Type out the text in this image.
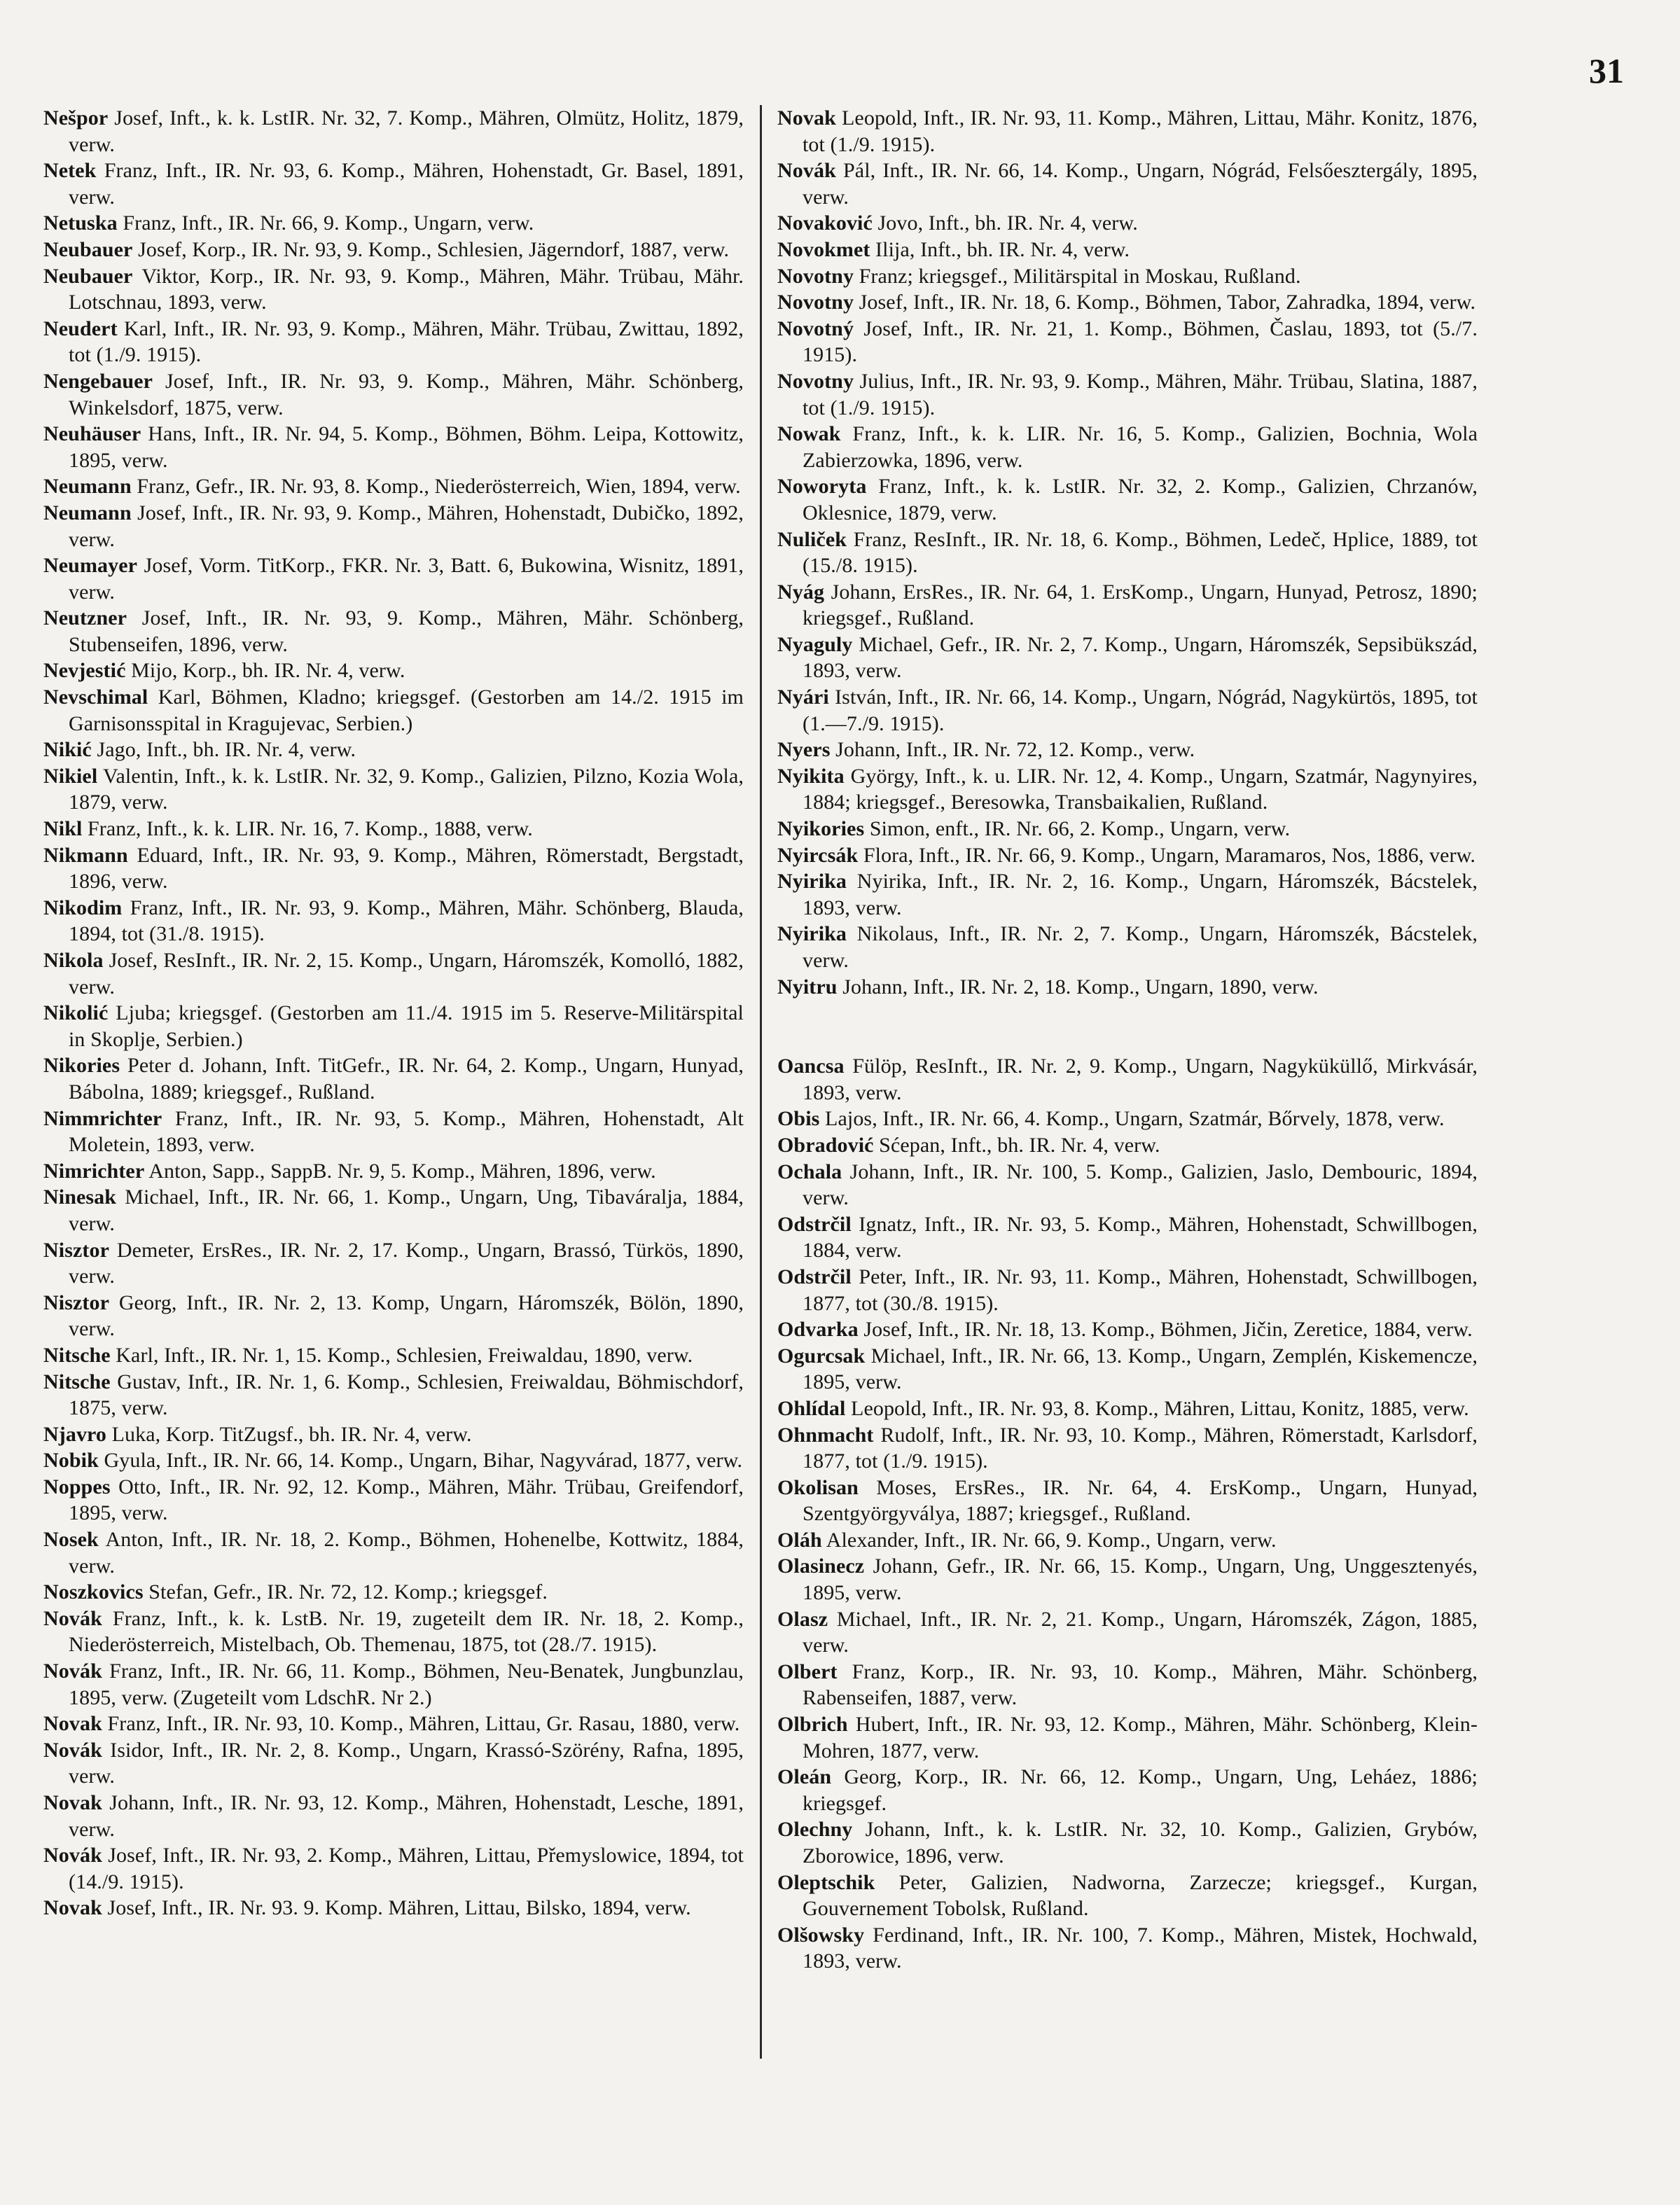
31

Nešpor Josef, Inft., k. k. LstIR. Nr. 32, 7. Komp., Mähren, Olmütz, Holitz, 1879, verw.

Netek Franz, Inft., IR. Nr. 93, 6. Komp., Mähren, Hohenstadt, Gr. Basel, 1891, verw.

Netuska Franz, Inft., IR. Nr. 66, 9. Komp., Ungarn, verw.

Neubauer Josef, Korp., IR. Nr. 93, 9. Komp., Schlesien, Jägerndorf, 1887, verw.

Neubauer Viktor, Korp., IR. Nr. 93, 9. Komp., Mähren, Mähr. Trübau, Mähr. Lotschnau, 1893, verw.

Neudert Karl, Inft., IR. Nr. 93, 9. Komp., Mähren, Mähr. Trübau, Zwittau, 1892, tot (1./9. 1915).

Nengebauer Josef, Inft., IR. Nr. 93, 9. Komp., Mähren, Mähr. Schönberg, Winkelsdorf, 1875, verw.

Neuhäuser Hans, Inft., IR. Nr. 94, 5. Komp., Böhmen, Böhm. Leipa, Kottowitz, 1895, verw.

Neumann Franz, Gefr., IR. Nr. 93, 8. Komp., Niederösterreich, Wien, 1894, verw.

Neumann Josef, Inft., IR. Nr. 93, 9. Komp., Mähren, Hohenstadt, Dubičko, 1892, verw.

Neumayer Josef, Vorm. TitKorp., FKR. Nr. 3, Batt. 6, Bukowina, Wisnitz, 1891, verw.

Neutzner Josef, Inft., IR. Nr. 93, 9. Komp., Mähren, Mähr. Schönberg, Stubenseifen, 1896, verw.

Nevjestić Mijo, Korp., bh. IR. Nr. 4, verw.

Nevschimal Karl, Böhmen, Kladno; kriegsgef. (Gestorben am 14./2. 1915 im Garnisonsspital in Kragujevac, Serbien.)

Nikić Jago, Inft., bh. IR. Nr. 4, verw.

Nikiel Valentin, Inft., k. k. LstIR. Nr. 32, 9. Komp., Galizien, Pilzno, Kozia Wola, 1879, verw.

Nikl Franz, Inft., k. k. LIR. Nr. 16, 7. Komp., 1888, verw.

Nikmann Eduard, Inft., IR. Nr. 93, 9. Komp., Mähren, Römerstadt, Bergstadt, 1896, verw.

Nikodim Franz, Inft., IR. Nr. 93, 9. Komp., Mähren, Mähr. Schönberg, Blauda, 1894, tot (31./8. 1915).

Nikola Josef, ResInft., IR. Nr. 2, 15. Komp., Ungarn, Háromszék, Komolló, 1882, verw.

Nikolić Ljuba; kriegsgef. (Gestorben am 11./4. 1915 im 5. Reserve-Militärspital in Skoplje, Serbien.)

Nikories Peter d. Johann, Inft. TitGefr., IR. Nr. 64, 2. Komp., Ungarn, Hunyad, Bábolna, 1889; kriegsgef., Rußland.

Nimmrichter Franz, Inft., IR. Nr. 93, 5. Komp., Mähren, Hohenstadt, Alt Moletein, 1893, verw.

Nimrichter Anton, Sapp., SappB. Nr. 9, 5. Komp., Mähren, 1896, verw.

Ninesak Michael, Inft., IR. Nr. 66, 1. Komp., Ungarn, Ung, Tibaváralja, 1884, verw.

Nisztor Demeter, ErsRes., IR. Nr. 2, 17. Komp., Ungarn, Brassó, Türkös, 1890, verw.

Nisztor Georg, Inft., IR. Nr. 2, 13. Komp, Ungarn, Háromszék, Bölön, 1890, verw.

Nitsche Karl, Inft., IR. Nr. 1, 15. Komp., Schlesien, Freiwaldau, 1890, verw.

Nitsche Gustav, Inft., IR. Nr. 1, 6. Komp., Schlesien, Freiwaldau, Böhmischdorf, 1875, verw.

Njavro Luka, Korp. TitZugsf., bh. IR. Nr. 4, verw.

Nobik Gyula, Inft., IR. Nr. 66, 14. Komp., Ungarn, Bihar, Nagyvárad, 1877, verw.

Noppes Otto, Inft., IR. Nr. 92, 12. Komp., Mähren, Mähr. Trübau, Greifendorf, 1895, verw.

Nosek Anton, Inft., IR. Nr. 18, 2. Komp., Böhmen, Hohenelbe, Kottwitz, 1884, verw.

Noszkovics Stefan, Gefr., IR. Nr. 72, 12. Komp.; kriegsgef.

Novák Franz, Inft., k. k. LstB. Nr. 19, zugeteilt dem IR. Nr. 18, 2. Komp., Niederösterreich, Mistelbach, Ob. Themenau, 1875, tot (28./7. 1915).

Novák Franz, Inft., IR. Nr. 66, 11. Komp., Böhmen, Neu-Benatek, Jungbunzlau, 1895, verw. (Zugeteilt vom LdschR. Nr 2.)

Novak Franz, Inft., IR. Nr. 93, 10. Komp., Mähren, Littau, Gr. Rasau, 1880, verw.

Novák Isidor, Inft., IR. Nr. 2, 8. Komp., Ungarn, Krassó-Szörény, Rafna, 1895, verw.

Novak Johann, Inft., IR. Nr. 93, 12. Komp., Mähren, Hohenstadt, Lesche, 1891, verw.

Novák Josef, Inft., IR. Nr. 93, 2. Komp., Mähren, Littau, Přemyslowice, 1894, tot (14./9. 1915).

Novak Josef, Inft., IR. Nr. 93. 9. Komp. Mähren, Littau, Bilsko, 1894, verw.

Novak Leopold, Inft., IR. Nr. 93, 11. Komp., Mähren, Littau, Mähr. Konitz, 1876, tot (1./9. 1915).

Novák Pál, Inft., IR. Nr. 66, 14. Komp., Ungarn, Nógrád, Felsőesztergály, 1895, verw.

Novaković Jovo, Inft., bh. IR. Nr. 4, verw.

Novokmet Ilija, Inft., bh. IR. Nr. 4, verw.

Novotny Franz; kriegsgef., Militärspital in Moskau, Rußland.

Novotny Josef, Inft., IR. Nr. 18, 6. Komp., Böhmen, Tabor, Zahradka, 1894, verw.

Novotný Josef, Inft., IR. Nr. 21, 1. Komp., Böhmen, Časlau, 1893, tot (5./7. 1915).

Novotny Julius, Inft., IR. Nr. 93, 9. Komp., Mähren, Mähr. Trübau, Slatina, 1887, tot (1./9. 1915).

Nowak Franz, Inft., k. k. LIR. Nr. 16, 5. Komp., Galizien, Bochnia, Wola Zabierzowka, 1896, verw.

Noworyta Franz, Inft., k. k. LstIR. Nr. 32, 2. Komp., Galizien, Chrzanów, Oklesnice, 1879, verw.

Nuliček Franz, ResInft., IR. Nr. 18, 6. Komp., Böhmen, Ledeč, Hplice, 1889, tot (15./8. 1915).

Nyág Johann, ErsRes., IR. Nr. 64, 1. ErsKomp., Ungarn, Hunyad, Petrosz, 1890; kriegsgef., Rußland.

Nyaguly Michael, Gefr., IR. Nr. 2, 7. Komp., Ungarn, Háromszék, Sepsibükszád, 1893, verw.

Nyári István, Inft., IR. Nr. 66, 14. Komp., Ungarn, Nógrád, Nagykürtös, 1895, tot (1.—7./9. 1915).

Nyers Johann, Inft., IR. Nr. 72, 12. Komp., verw.

Nyikita György, Inft., k. u. LIR. Nr. 12, 4. Komp., Ungarn, Szatmár, Nagynyires, 1884; kriegsgef., Beresowka, Transbaikalien, Rußland.

Nyikories Simon, enft., IR. Nr. 66, 2. Komp., Ungarn, verw.

Nyircsák Flora, Inft., IR. Nr. 66, 9. Komp., Ungarn, Maramaros, Nos, 1886, verw.

Nyirika Nyirika, Inft., IR. Nr. 2, 16. Komp., Ungarn, Háromszék, Bácstelek, 1893, verw.

Nyirika Nikolaus, Inft., IR. Nr. 2, 7. Komp., Ungarn, Háromszék, Bácstelek, verw.

Nyitru Johann, Inft., IR. Nr. 2, 18. Komp., Ungarn, 1890, verw.

Oancsa Fülöp, ResInft., IR. Nr. 2, 9. Komp., Ungarn, Nagyküküllő, Mirkvásár, 1893, verw.

Obis Lajos, Inft., IR. Nr. 66, 4. Komp., Ungarn, Szatmár, Bőrvely, 1878, verw.

Obradović Sćepan, Inft., bh. IR. Nr. 4, verw.

Ochala Johann, Inft., IR. Nr. 100, 5. Komp., Galizien, Jaslo, Dembouric, 1894, verw.

Odstrčil Ignatz, Inft., IR. Nr. 93, 5. Komp., Mähren, Hohenstadt, Schwillbogen, 1884, verw.

Odstrčil Peter, Inft., IR. Nr. 93, 11. Komp., Mähren, Hohenstadt, Schwillbogen, 1877, tot (30./8. 1915).

Odvarka Josef, Inft., IR. Nr. 18, 13. Komp., Böhmen, Jičin, Zeretice, 1884, verw.

Ogurcsak Michael, Inft., IR. Nr. 66, 13. Komp., Ungarn, Zemplén, Kiskemencze, 1895, verw.

Ohlídal Leopold, Inft., IR. Nr. 93, 8. Komp., Mähren, Littau, Konitz, 1885, verw.

Ohnmacht Rudolf, Inft., IR. Nr. 93, 10. Komp., Mähren, Römerstadt, Karlsdorf, 1877, tot (1./9. 1915).

Okolisan Moses, ErsRes., IR. Nr. 64, 4. ErsKomp., Ungarn, Hunyad, Szentgyörgyválya, 1887; kriegsgef., Rußland.

Oláh Alexander, Inft., IR. Nr. 66, 9. Komp., Ungarn, verw.

Olasinecz Johann, Gefr., IR. Nr. 66, 15. Komp., Ungarn, Ung, Unggesztenyés, 1895, verw.

Olasz Michael, Inft., IR. Nr. 2, 21. Komp., Ungarn, Háromszék, Zágon, 1885, verw.

Olbert Franz, Korp., IR. Nr. 93, 10. Komp., Mähren, Mähr. Schönberg, Rabenseifen, 1887, verw.

Olbrich Hubert, Inft., IR. Nr. 93, 12. Komp., Mähren, Mähr. Schönberg, Klein-Mohren, 1877, verw.

Oleán Georg, Korp., IR. Nr. 66, 12. Komp., Ungarn, Ung, Leháez, 1886; kriegsgef.

Olechny Johann, Inft., k. k. LstIR. Nr. 32, 10. Komp., Galizien, Grybów, Zborowice, 1896, verw.

Oleptschik Peter, Galizien, Nadworna, Zarzecze; kriegsgef., Kurgan, Gouvernement Tobolsk, Rußland.

Olšowsky Ferdinand, Inft., IR. Nr. 100, 7. Komp., Mähren, Mistek, Hochwald, 1893, verw.
